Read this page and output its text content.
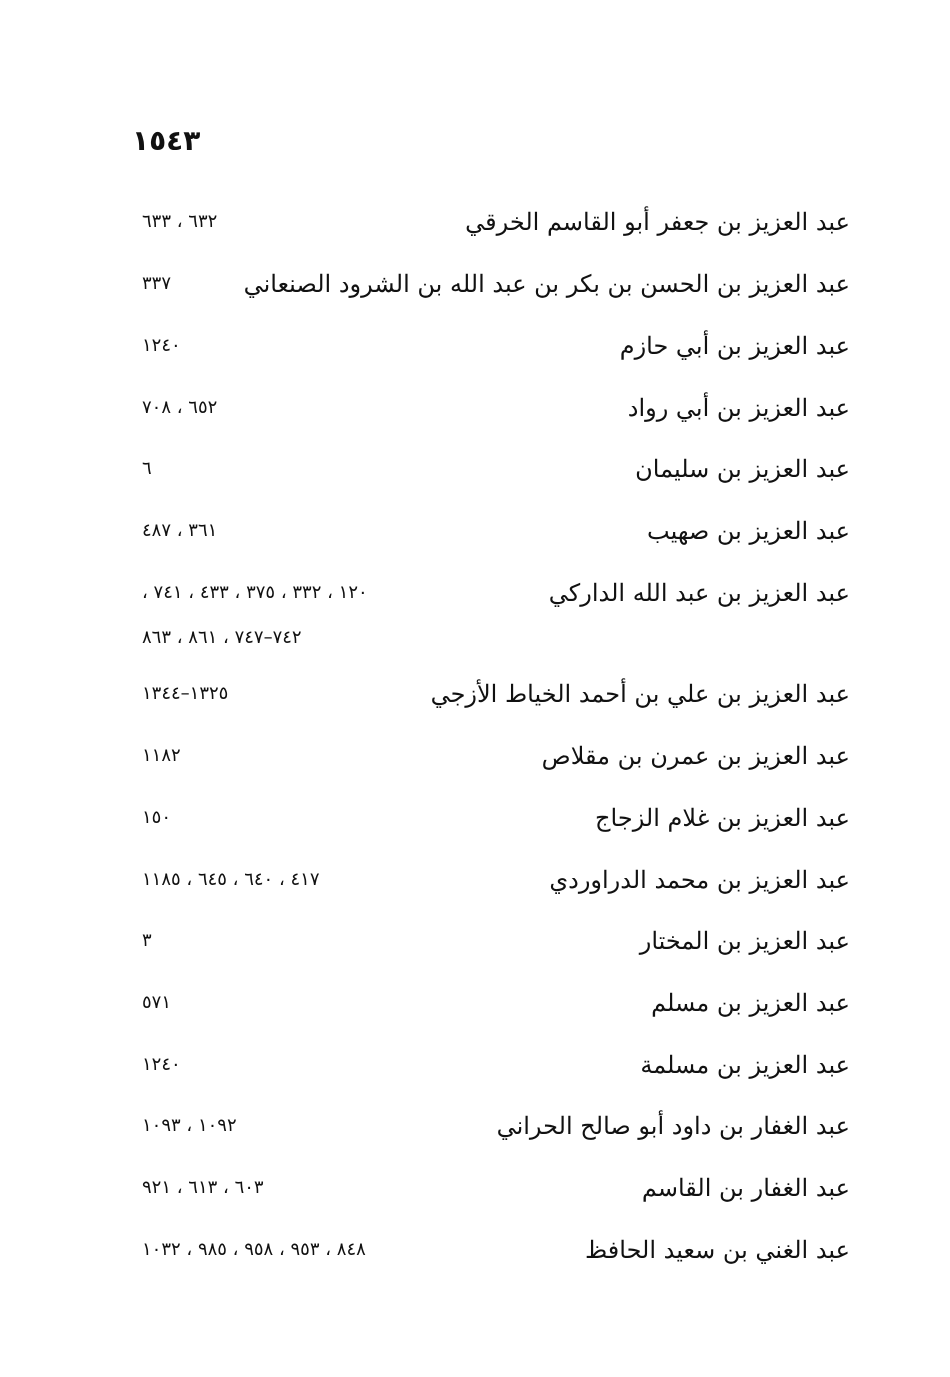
١٥٤٣
عبد العزيز بن جعفر أبو القاسم الخرقي
٦٣٢ ، ٦٣٣
عبد العزيز بن الحسن بن بكر بن عبد الله بن الشرود الصنعاني
٣٣٧
عبد العزيز بن أبي حازم
١٢٤٠
عبد العزيز بن أبي رواد
٦٥٢ ، ٧٠٨
عبد العزيز بن سليمان
٦
عبد العزيز بن صهيب
٣٦١ ، ٤٨٧
عبد العزيز بن عبد الله الداركي
١٢٠ ، ٣٣٢ ، ٣٧٥ ، ٤٣٣ ، ٧٤١ ،
٧٤٢–٧٤٧ ، ٨٦١ ، ٨٦٣
عبد العزيز بن علي بن أحمد الخياط الأزجي
١٣٢٥–١٣٤٤
عبد العزيز بن عمرن بن مقلاص
١١٨٢
عبد العزيز بن غلام الزجاج
١٥٠
عبد العزيز بن محمد الدراوردي
٤١٧ ، ٦٤٠ ، ٦٤٥ ، ١١٨٥
عبد العزيز بن المختار
٣
عبد العزيز بن مسلم
٥٧١
عبد العزيز بن مسلمة
١٢٤٠
عبد الغفار بن داود أبو صالح الحراني
١٠٩٢ ، ١٠٩٣
عبد الغفار بن القاسم
٦٠٣ ، ٦١٣ ، ٩٢١
عبد الغني بن سعيد الحافظ
٨٤٨ ، ٩٥٣ ، ٩٥٨ ، ٩٨٥ ، ١٠٣٢
